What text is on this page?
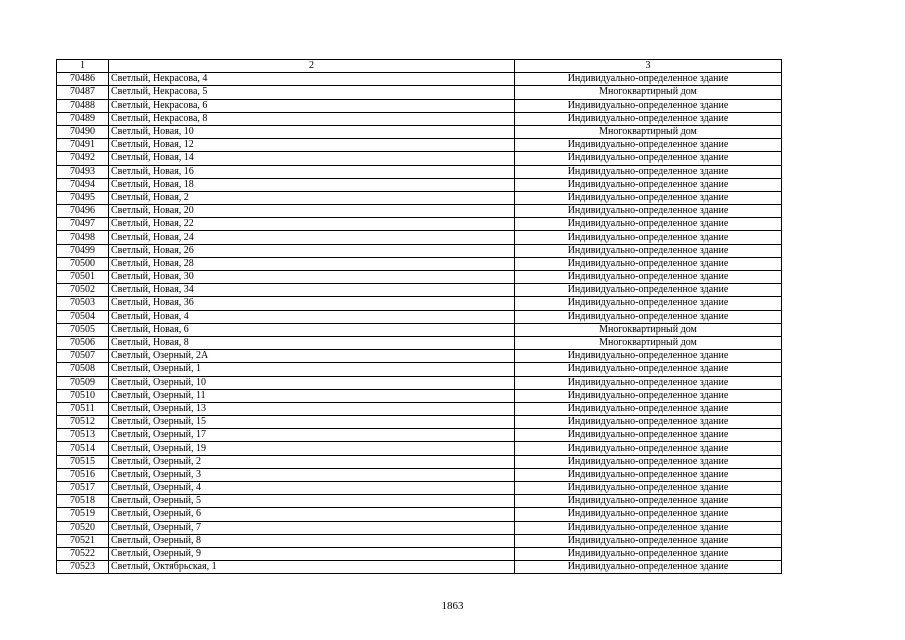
1	2	3
70486	Светлый, Некрасова, 4	Индивидуально-определенное здание
70487	Светлый, Некрасова, 5	Многоквартирный дом
70488	Светлый, Некрасова, 6	Индивидуально-определенное здание
70489	Светлый, Некрасова, 8	Индивидуально-определенное здание
70490	Светлый, Новая, 10	Многоквартирный дом
70491	Светлый, Новая, 12	Индивидуально-определенное здание
70492	Светлый, Новая, 14	Индивидуально-определенное здание
70493	Светлый, Новая, 16	Индивидуально-определенное здание
70494	Светлый, Новая, 18	Индивидуально-определенное здание
70495	Светлый, Новая, 2	Индивидуально-определенное здание
70496	Светлый, Новая, 20	Индивидуально-определенное здание
70497	Светлый, Новая, 22	Индивидуально-определенное здание
70498	Светлый, Новая, 24	Индивидуально-определенное здание
70499	Светлый, Новая, 26	Индивидуально-определенное здание
70500	Светлый, Новая, 28	Индивидуально-определенное здание
70501	Светлый, Новая, 30	Индивидуально-определенное здание
70502	Светлый, Новая, 34	Индивидуально-определенное здание
70503	Светлый, Новая, 36	Индивидуально-определенное здание
70504	Светлый, Новая, 4	Индивидуально-определенное здание
70505	Светлый, Новая, 6	Многоквартирный дом
70506	Светлый, Новая, 8	Многоквартирный дом
70507	Светлый, Озерный, 2А	Индивидуально-определенное здание
70508	Светлый, Озерный, 1	Индивидуально-определенное здание
70509	Светлый, Озерный, 10	Индивидуально-определенное здание
70510	Светлый, Озерный, 11	Индивидуально-определенное здание
70511	Светлый, Озерный, 13	Индивидуально-определенное здание
70512	Светлый, Озерный, 15	Индивидуально-определенное здание
70513	Светлый, Озерный, 17	Индивидуально-определенное здание
70514	Светлый, Озерный, 19	Индивидуально-определенное здание
70515	Светлый, Озерный, 2	Индивидуально-определенное здание
70516	Светлый, Озерный, 3	Индивидуально-определенное здание
70517	Светлый, Озерный, 4	Индивидуально-определенное здание
70518	Светлый, Озерный, 5	Индивидуально-определенное здание
70519	Светлый, Озерный, 6	Индивидуально-определенное здание
70520	Светлый, Озерный, 7	Индивидуально-определенное здание
70521	Светлый, Озерный, 8	Индивидуально-определенное здание
70522	Светлый, Озерный, 9	Индивидуально-определенное здание
70523	Светлый, Октябрьская, 1	Индивидуально-определенное здание
1863
